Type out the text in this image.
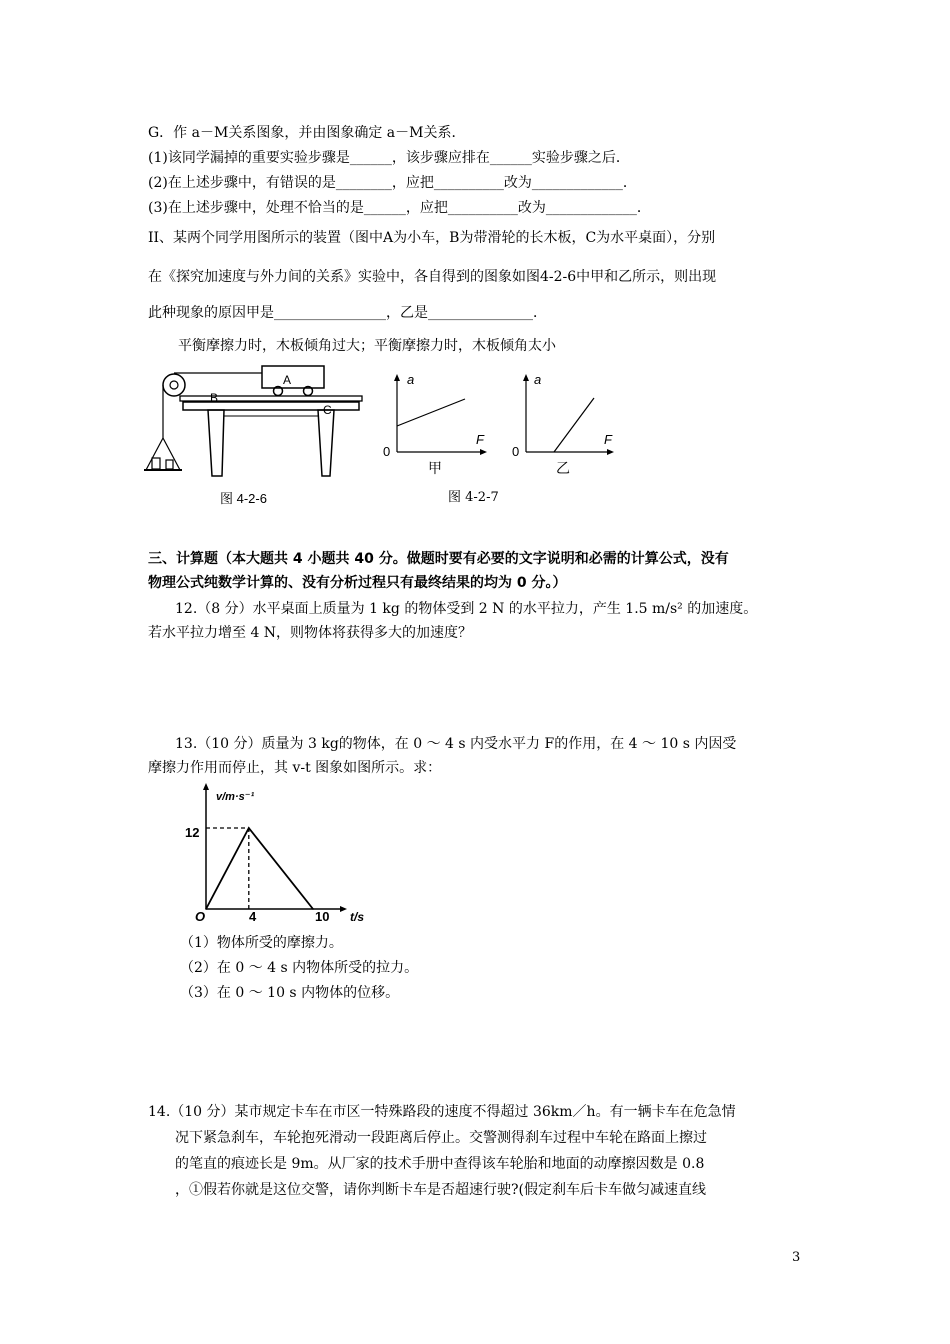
G．作 a－M关系图象，并由图象确定 a－M关系．
(1)该同学漏掉的重要实验步骤是______，该步骤应排在______实验步骤之后．
(2)在上述步骤中，有错误的是________，应把__________改为_____________．
(3)在上述步骤中，处理不恰当的是______，应把__________改为_____________．
II、某两个同学用图所示的装置（图中A为小车，B为带滑轮的长木板，C为水平桌面），分别
在《探究加速度与外力间的关系》实验中，各自得到的图象如图4-2-6中甲和乙所示，则出现
此种现象的原因甲是________________，乙是_______________．
平衡摩擦力时，木板倾角过大；平衡摩擦力时，木板倾角太小
A
B
C
图 4-2-6
a
F
0
甲
a
F
0
乙
图 4-2-7
三、计算题（本大题共 4 小题共 40 分。做题时要有必要的文字说明和必需的计算公式，没有
物理公式纯数学计算的、没有分析过程只有最终结果的均为 0 分。）
12.（8 分）水平桌面上质量为 1 kg 的物体受到 2 N 的水平拉力，产生 1.5 m/s² 的加速度。
若水平拉力增至 4 N，则物体将获得多大的加速度？
13.（10 分）质量为 3 kg的物体，在 0 ～ 4 s 内受水平力 F的作用，在 4 ～ 10 s 内因受
摩擦力作用而停止，其 v-t 图象如图所示。求：
v/m·s⁻¹
t/s
O
12
4	10
（1）物体所受的摩擦力。
（2）在 0 ～ 4 s 内物体所受的拉力。
（3）在 0 ～ 10 s 内物体的位移。
14.（10 分）某市规定卡车在市区一特殊路段的速度不得超过 36km／h。有一辆卡车在危急情
况下紧急刹车，车轮抱死滑动一段距离后停止。交警测得刹车过程中车轮在路面上擦过
的笔直的痕迹长是 9m。从厂家的技术手册中查得该车轮胎和地面的动摩擦因数是 0.8
，①假若你就是这位交警，请你判断卡车是否超速行驶?(假定刹车后卡车做匀减速直线
3
